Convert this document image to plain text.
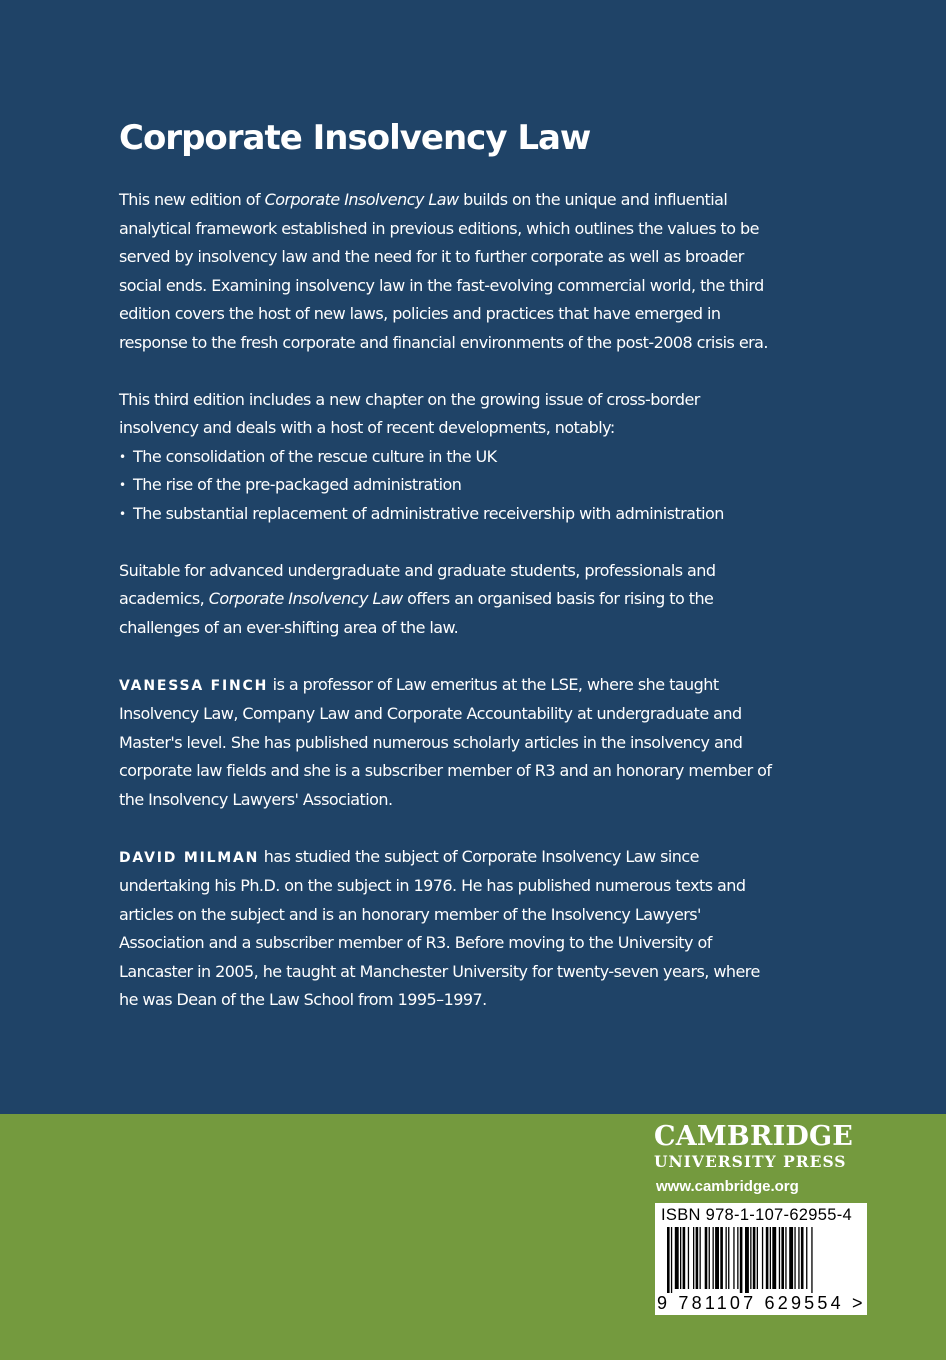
Corporate Insolvency Law

This new edition of Corporate Insolvency Law builds on the unique and influential analytical framework established in previous editions, which outlines the values to be served by insolvency law and the need for it to further corporate as well as broader social ends. Examining insolvency law in the fast-evolving commercial world, the third edition covers the host of new laws, policies and practices that have emerged in response to the fresh corporate and financial environments of the post-2008 crisis era.

This third edition includes a new chapter on the growing issue of cross-border insolvency and deals with a host of recent developments, notably:

• The consolidation of the rescue culture in the UK
• The rise of the pre-packaged administration
• The substantial replacement of administrative receivership with administration

Suitable for advanced undergraduate and graduate students, professionals and academics, Corporate Insolvency Law offers an organised basis for rising to the challenges of an ever-shifting area of the law.

VANESSA FINCH is a professor of Law emeritus at the LSE, where she taught Insolvency Law, Company Law and Corporate Accountability at undergraduate and Master's level. She has published numerous scholarly articles in the insolvency and corporate law fields and she is a subscriber member of R3 and an honorary member of the Insolvency Lawyers' Association.

DAVID MILMAN has studied the subject of Corporate Insolvency Law since undertaking his Ph.D. on the subject in 1976. He has published numerous texts and articles on the subject and is an honorary member of the Insolvency Lawyers' Association and a subscriber member of R3. Before moving to the University of Lancaster in 2005, he taught at Manchester University for twenty-seven years, where he was Dean of the Law School from 1995–1997.

CAMBRIDGE
UNIVERSITY PRESS
www.cambridge.org
ISBN 978-1-107-62955-4
9 781107 629554 >
